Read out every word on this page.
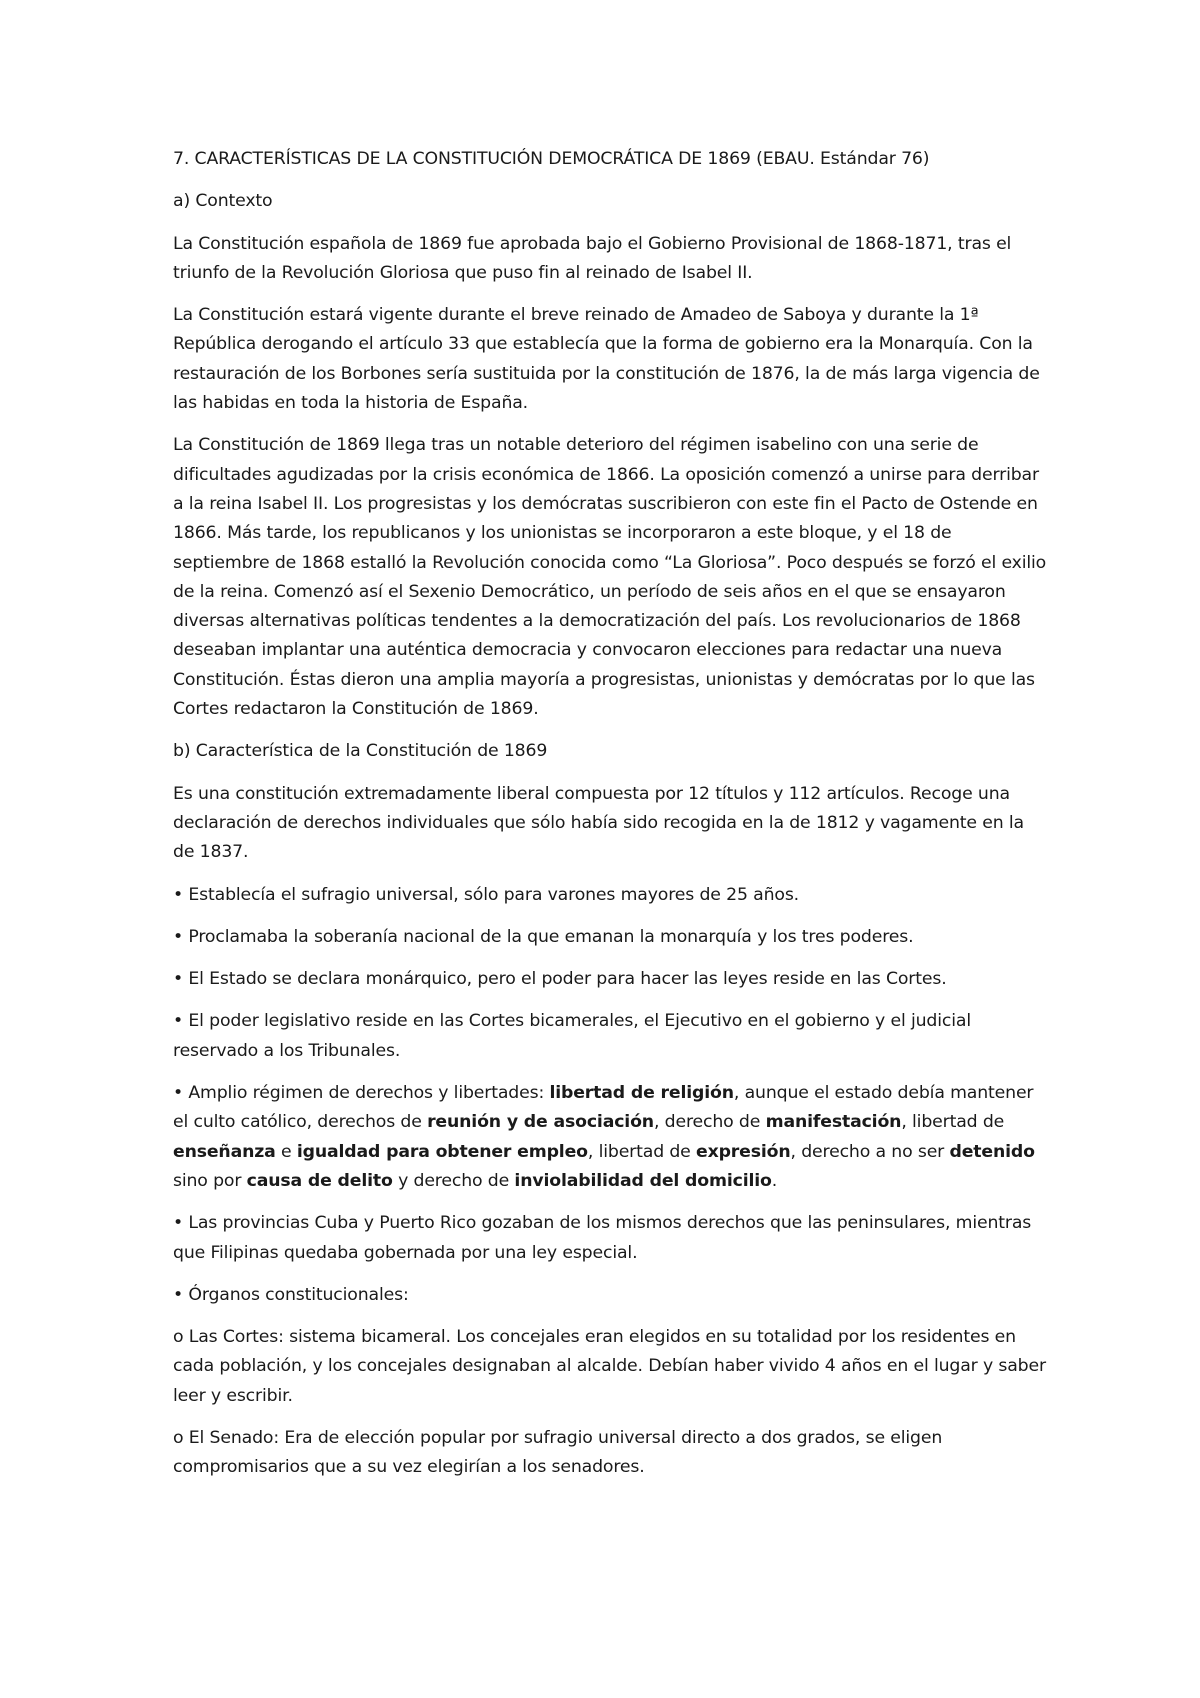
7. CARACTERÍSTICAS DE LA CONSTITUCIÓN DEMOCRÁTICA DE 1869 (EBAU. Estándar 76)

a) Contexto

La Constitución española de 1869 fue aprobada bajo el Gobierno Provisional de 1868-1871, tras el triunfo de la Revolución Gloriosa que puso fin al reinado de Isabel II.

La Constitución estará vigente durante el breve reinado de Amadeo de Saboya y durante la 1ª República derogando el artículo 33 que establecía que la forma de gobierno era la Monarquía. Con la restauración de los Borbones sería sustituida por la constitución de 1876, la de más larga vigencia de las habidas en toda la historia de España.

La Constitución de 1869 llega tras un notable deterioro del régimen isabelino con una serie de dificultades agudizadas por la crisis económica de 1866. La oposición comenzó a unirse para derribar a la reina Isabel II. Los progresistas y los demócratas suscribieron con este fin el Pacto de Ostende en 1866. Más tarde, los republicanos y los unionistas se incorporaron a este bloque, y el 18 de septiembre de 1868 estalló la Revolución conocida como “La Gloriosa”. Poco después se forzó el exilio de la reina. Comenzó así el Sexenio Democrático, un período de seis años en el que se ensayaron diversas alternativas políticas tendentes a la democratización del país. Los revolucionarios de 1868 deseaban implantar una auténtica democracia y convocaron elecciones para redactar una nueva Constitución. Éstas dieron una amplia mayoría a progresistas, unionistas y demócratas por lo que las Cortes redactaron la Constitución de 1869.

b) Característica de la Constitución de 1869

Es una constitución extremadamente liberal compuesta por 12 títulos y 112 artículos. Recoge una declaración de derechos individuales que sólo había sido recogida en la de 1812 y vagamente en la de 1837.

• Establecía el sufragio universal, sólo para varones mayores de 25 años.

• Proclamaba la soberanía nacional de la que emanan la monarquía y los tres poderes.

• El Estado se declara monárquico, pero el poder para hacer las leyes reside en las Cortes.

• El poder legislativo reside en las Cortes bicamerales, el Ejecutivo en el gobierno y el judicial reservado a los Tribunales.

• Amplio régimen de derechos y libertades: libertad de religión, aunque el estado debía mantener el culto católico, derechos de reunión y de asociación, derecho de manifestación, libertad de enseñanza e igualdad para obtener empleo, libertad de expresión, derecho a no ser detenido sino por causa de delito y derecho de inviolabilidad del domicilio.

• Las provincias Cuba y Puerto Rico gozaban de los mismos derechos que las peninsulares, mientras que Filipinas quedaba gobernada por una ley especial.

• Órganos constitucionales:

o Las Cortes: sistema bicameral. Los concejales eran elegidos en su totalidad por los residentes en cada población, y los concejales designaban al alcalde. Debían haber vivido 4 años en el lugar y saber leer y escribir.

o El Senado: Era de elección popular por sufragio universal directo a dos grados, se eligen compromisarios que a su vez elegirían a los senadores.
